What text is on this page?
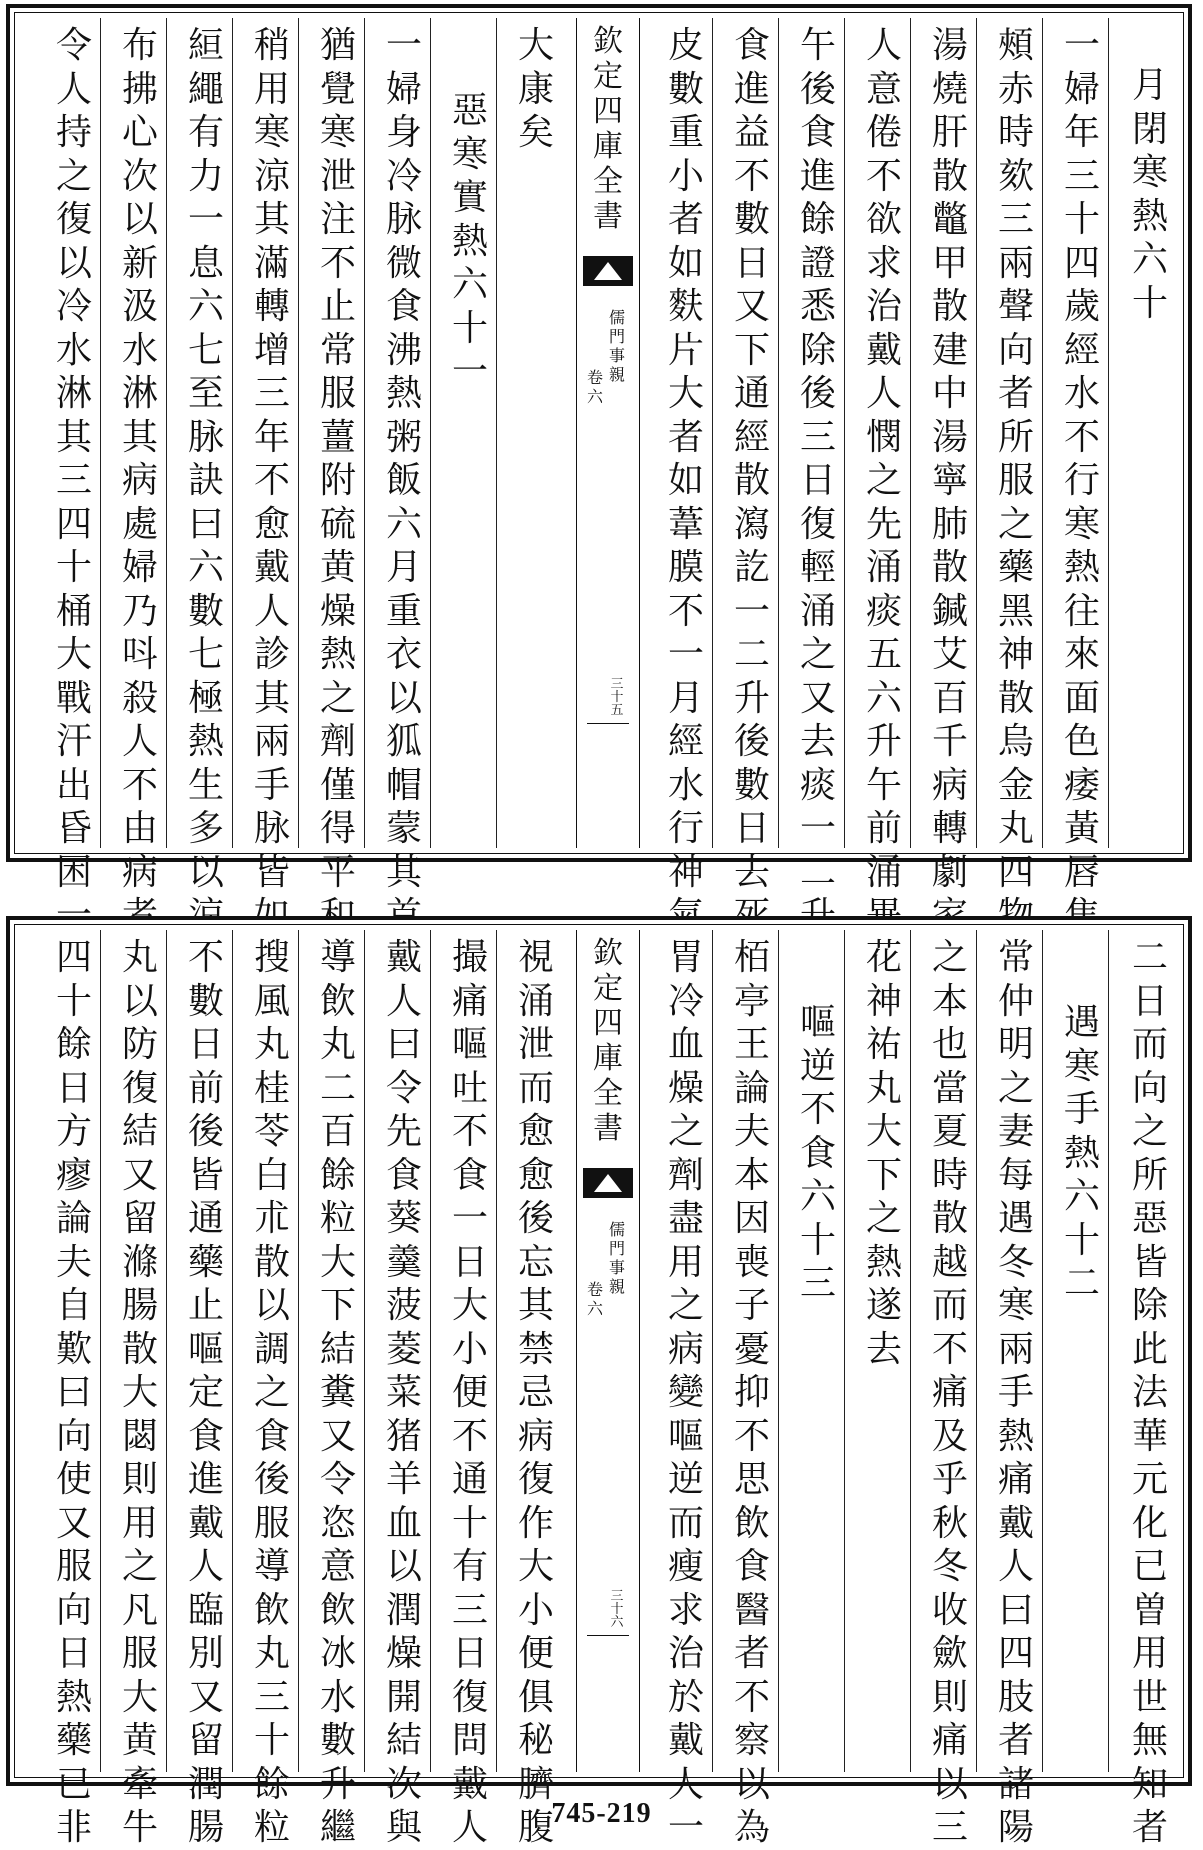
月
閉
寒
熱
六
十
一
婦
年
三
十
四
歲
經
水
不
行
寒
熱
往
來
面
色
痿
黃
唇
頰
赤
時
欬
三
兩
聲
向
者
所
服
之
藥
黑
神
散
烏
金
丸
四
湯
燒
肝
散
鼈
甲
散
建
中
湯
寧
肺
散
鍼
艾
百
千
病
轉
劇
人
意
倦
不
欲
求
治
戴
人
憫
之
先
涌
痰
五
六
升
午
前
涌
午
後
食
進
餘
證
悉
除
後
三
日
復
輕
涌
之
又
去
痰
一
二
食
進
益
不
數
日
又
下
通
經
散
瀉
訖
一
二
升
後
數
日
去
皮
數
重
小
者
如
麩
片
大
者
如
葦
膜
不
一
月
經
水
行
神
欽
定
四
庫
全
書
儒
門
事
親
卷
六
三
十
五
大
康
矣
惡
寒
實
熱
六
十
一
一
婦
身
冷
脉
微
食
沸
熱
粥
飯
六
月
重
衣
以
狐
帽
蒙
其
猶
覺
寒
泄
注
不
止
常
服
薑
附
硫
黄
燥
熱
之
劑
僅
得
平
稍
用
寒
涼
其
滿
轉
增
三
年
不
愈
戴
人
診
其
兩
手
脉
皆
絙
繩
有
力
一
息
六
七
至
脉
訣
曰
六
數
七
極
熱
生
多
以
布
拂
心
次
以
新
汲
水
淋
其
病
處
婦
乃
呌
殺
人
不
由
病
令
人
持
之
復
以
冷
水
淋
其
三
四
十
桶
大
戰
汗
出
昏
困
二
日
而
向
之
所
惡
皆
除
此
法
華
元
化
已
曽
用
世
無
知
者
遇
寒
手
熱
六
十
二
常
仲
明
之
妻
每
遇
冬
寒
兩
手
熱
痛
戴
人
曰
四
肢
者
諸
陽
之
本
也
當
夏
時
散
越
而
不
痛
及
乎
秋
冬
收
歛
則
痛
以
三
花
神
祐
丸
大
下
之
熱
遂
去
嘔
逆
不
食
六
十
三
栢
亭
王
論
夫
本
因
喪
子
憂
抑
不
思
飲
食
醫
者
不
察
以
為
胃
冷
血
燥
之
劑
盡
用
之
病
變
嘔
逆
而
瘦
求
治
於
戴
人
一
欽
定
四
庫
全
書
儒
門
事
親
卷
六
三
十
六
視
涌
泄
而
愈
愈
後
忘
其
禁
忌
病
復
作
大
小
便
俱
秘
臍
腹
撮
痛
嘔
吐
不
食
一
日
大
小
便
不
通
十
有
三
日
復
問
戴
人
戴
人
曰
令
先
食
葵
羹
菠
菱
菜
猪
羊
血
以
潤
燥
開
結
次
與
導
飲
丸
二
百
餘
粒
大
下
結
糞
又
令
恣
意
飲
冰
水
數
升
繼
搜
風
丸
桂
苓
白
朮
散
以
調
之
食
後
服
導
飲
丸
三
十
餘
粒
不
數
日
前
後
皆
通
藥
止
嘔
定
食
進
戴
人
臨
別
又
留
潤
腸
丸
以
防
復
結
又
留
滌
腸
散
大
閟
則
用
之
凡
服
大
黄
牽
牛
四
十
餘
日
方
瘳
論
夫
自
歎
曰
向
使
又
服
向
日
熱
藥
已
非	745-219
